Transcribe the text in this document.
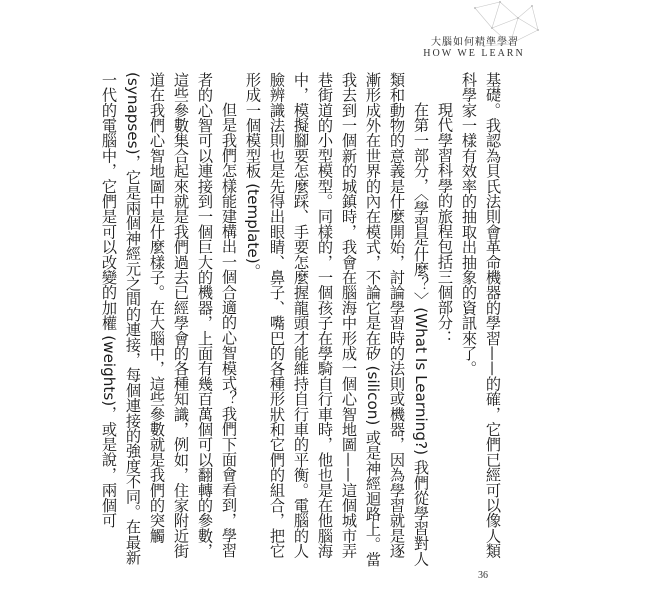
大腦如何精準學習
HOW WE LEARN

基礎。我認為貝氏法則會革命機器的學習——的確，它們已經可以像人類科學家一樣有效率的抽取出抽象的資訊來了。

現代學習科學的旅程包括三個部分：

在第一部分，〈學習是什麼？〉(What Is Learning?) 我們從學習對人類和動物的意義是什麼開始，討論學習時的法則或機器，因為學習就是逐漸形成外在世界的內在模式，不論它是在矽 (silicon) 或是神經迴路上。當我去到一個新的城鎮時，我會在腦海中形成一個心智地圖——這個城市弄巷街道的小型模型。同樣的，一個孩子在學騎自行車時，他也是在他腦海中，模擬腳要怎麼踩、手要怎麼握龍頭才能維持自行車的平衡。電腦的人臉辨識法則也是先得出眼睛、鼻子、嘴巴的各種形狀和它們的組合，把它形成一個模型板 (template)。

但是我們怎樣能建構出一個合適的心智模式？我們下面會看到，學習者的心智可以連接到一個巨大的機器，上面有幾百萬個可以翻轉的參數，這些參數集合起來就是我們過去已經學會的各種知識，例如，住家附近街道在我們心智地圖中是什麼樣子。在大腦中，這些參數就是我們的突觸 (synapses)，它是兩個神經元之間的連接，每個連接的強度不同。在最新一代的電腦中，它們是可以改變的加權 (weights)，或是說，兩個可

36
